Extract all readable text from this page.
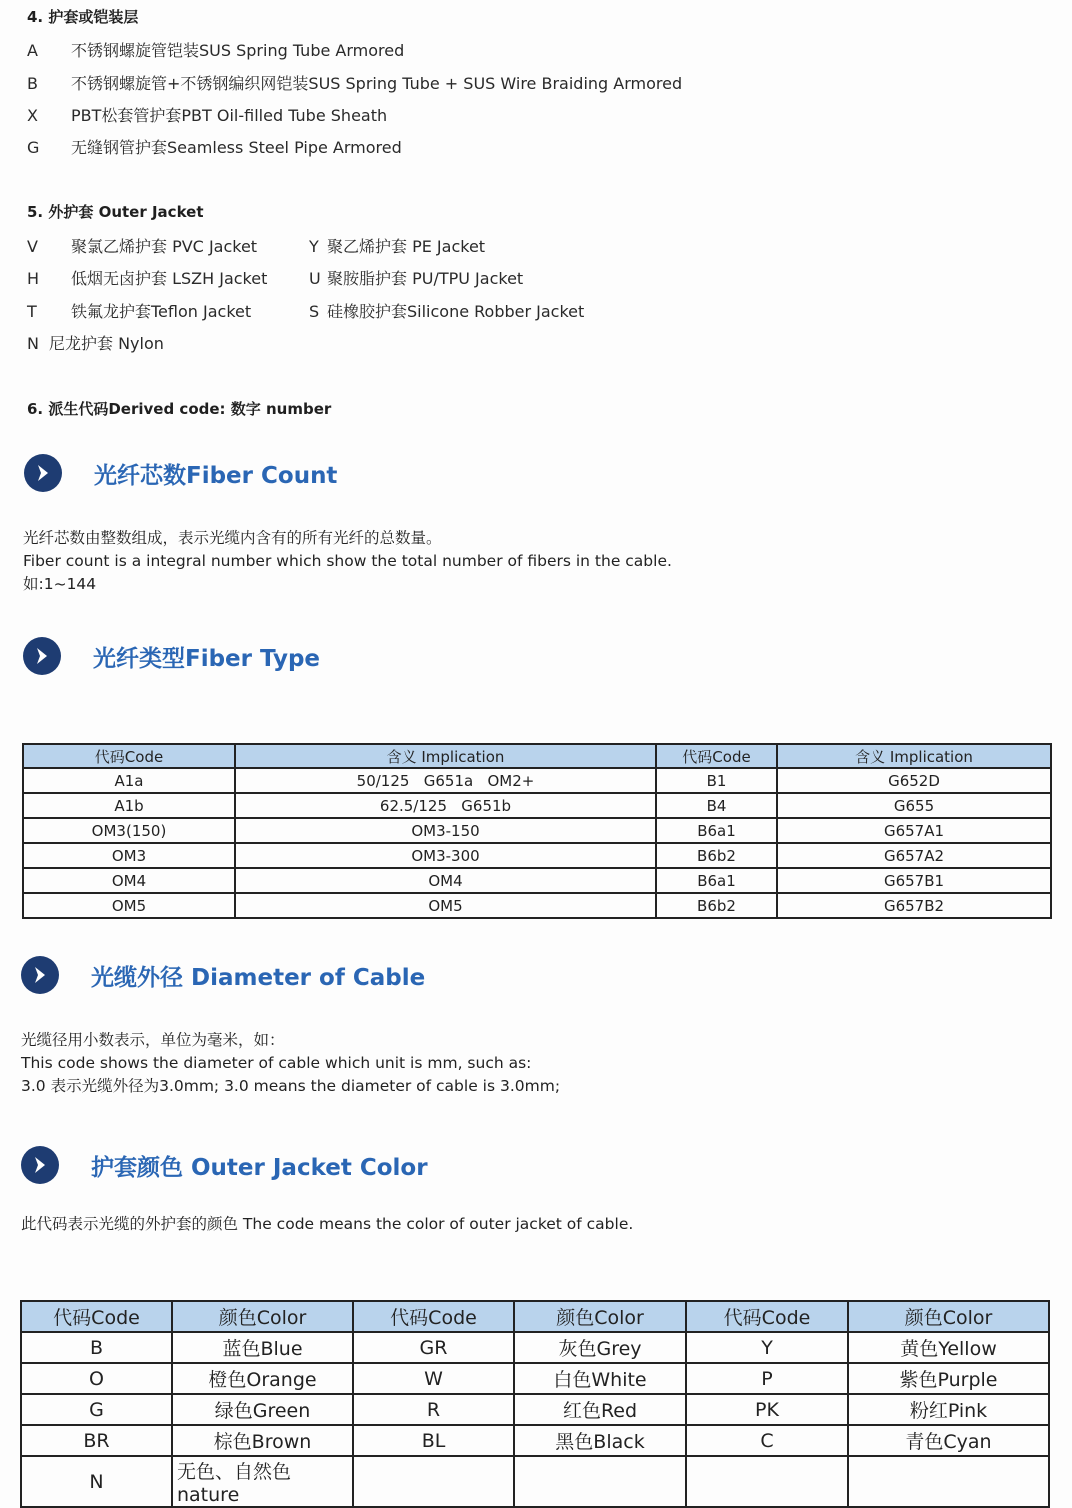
4. 护套或铠装层
A 不锈钢螺旋管铠装SUS Spring Tube Armored
B 不锈钢螺旋管+不锈钢编织网铠装SUS Spring Tube + SUS Wire Braiding Armored
X PBT松套管护套PBT Oil-filled Tube Sheath
G 无缝钢管护套Seamless Steel Pipe Armored
5. 外护套 Outer Jacket
V 聚氯乙烯护套 PVC Jacket	Y 聚乙烯护套 PE Jacket
H 低烟无卤护套 LSZH Jacket	U 聚胺脂护套 PU/TPU Jacket
T 铁氟龙护套Teflon Jacket	S 硅橡胶护套Silicone Robber Jacket
N 尼龙护套 Nylon
6. 派生代码Derived code: 数字 number
光纤芯数Fiber Count
光纤芯数由整数组成，表示光缆内含有的所有光纤的总数量。
Fiber count is a integral number which show the total number of fibers in the cable.
如:1~144
光纤类型Fiber Type
代码Code	含义 Implication	代码Code	含义 Implication
A1a	50/125   G651a   OM2+	B1	G652D
A1b	62.5/125   G651b	B4	G655
OM3(150)	OM3-150	B6a1	G657A1
OM3	OM3-300	B6b2	G657A2
OM4	OM4	B6a1	G657B1
OM5	OM5	B6b2	G657B2
光缆外径 Diameter of Cable
光缆径用小数表示，单位为毫米，如：
This code shows the diameter of cable which unit is mm, such as:
3.0 表示光缆外径为3.0mm; 3.0 means the diameter of cable is 3.0mm;
护套颜色 Outer Jacket Color
此代码表示光缆的外护套的颜色 The code means the color of outer jacket of cable.
代码Code	颜色Color	代码Code	颜色Color	代码Code	颜色Color
B	蓝色Blue	GR	灰色Grey	Y	黄色Yellow
O	橙色Orange	W	白色White	P	紫色Purple
G	绿色Green	R	红色Red	PK	粉红Pink
BR	棕色Brown	BL	黑色Black	C	青色Cyan
N	无色、自然色 nature				
